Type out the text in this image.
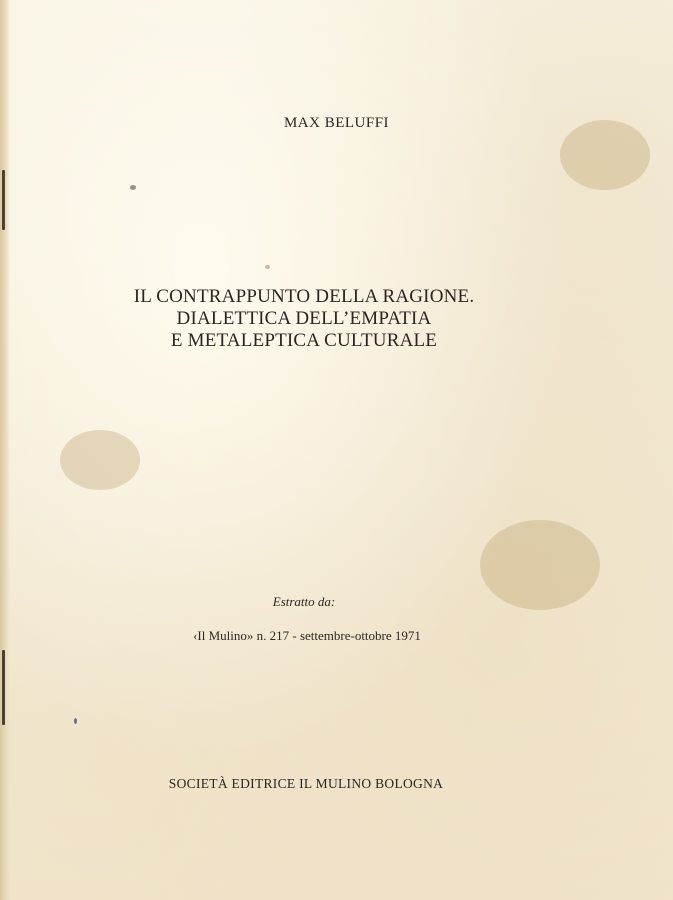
MAX BELUFFI
IL CONTRAPPUNTO DELLA RAGIONE.
DIALETTICA DELL’EMPATIA
E METALEPTICA CULTURALE
Estratto da:
‹Il Mulino» n. 217 - settembre-ottobre 1971
SOCIETÀ EDITRICE IL MULINO BOLOGNA
